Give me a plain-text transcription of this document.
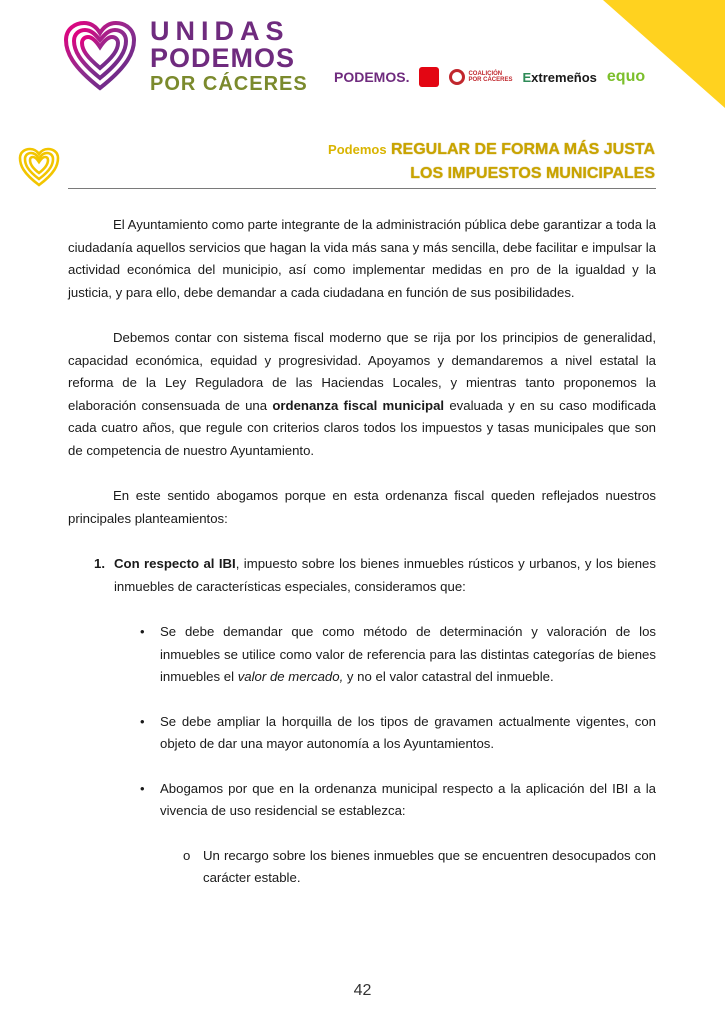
UNIDAS
PODEMOS
POR CÁCERES PODEMOS.	COALICIÓN
POR CÁCERES Extremeños equo
Podemos REGULAR DE FORMA MÁS JUSTA
LOS IMPUESTOS MUNICIPALES

El Ayuntamiento como parte integrante de la administración pública debe garantizar a toda la ciudadanía aquellos servicios que hagan la vida más sana y más sencilla, debe facilitar e impulsar la actividad económica del municipio, así como implementar medidas en pro de la igualdad y la justicia, y para ello, debe demandar a cada ciudadana en función de sus posibilidades.

Debemos contar con sistema fiscal moderno que se rija por los principios de generalidad, capacidad económica, equidad y progresividad. Apoyamos y demandaremos a nivel estatal la reforma de la Ley Reguladora de las Haciendas Locales, y mientras tanto proponemos la elaboración consensuada de una ordenanza fiscal municipal evaluada y en su caso modificada cada cuatro años, que regule con criterios claros todos los impuestos y tasas municipales que son de competencia de nuestro Ayuntamiento.

En este sentido abogamos porque en esta ordenanza fiscal queden reflejados nuestros principales planteamientos:

1. Con respecto al IBI, impuesto sobre los bienes inmuebles rústicos y urbanos, y los bienes inmuebles de características especiales, consideramos que:
• Se debe demandar que como método de determinación y valoración de los inmuebles se utilice como valor de referencia para las distintas categorías de bienes inmuebles el valor de mercado, y no el valor catastral del inmueble.
• Se debe ampliar la horquilla de los tipos de gravamen actualmente vigentes, con objeto de dar una mayor autonomía a los Ayuntamientos.
• Abogamos por que en la ordenanza municipal respecto a la aplicación del IBI a la vivencia de uso residencial se establezca:
o Un recargo sobre los bienes inmuebles que se encuentren desocupados con carácter estable.
42
